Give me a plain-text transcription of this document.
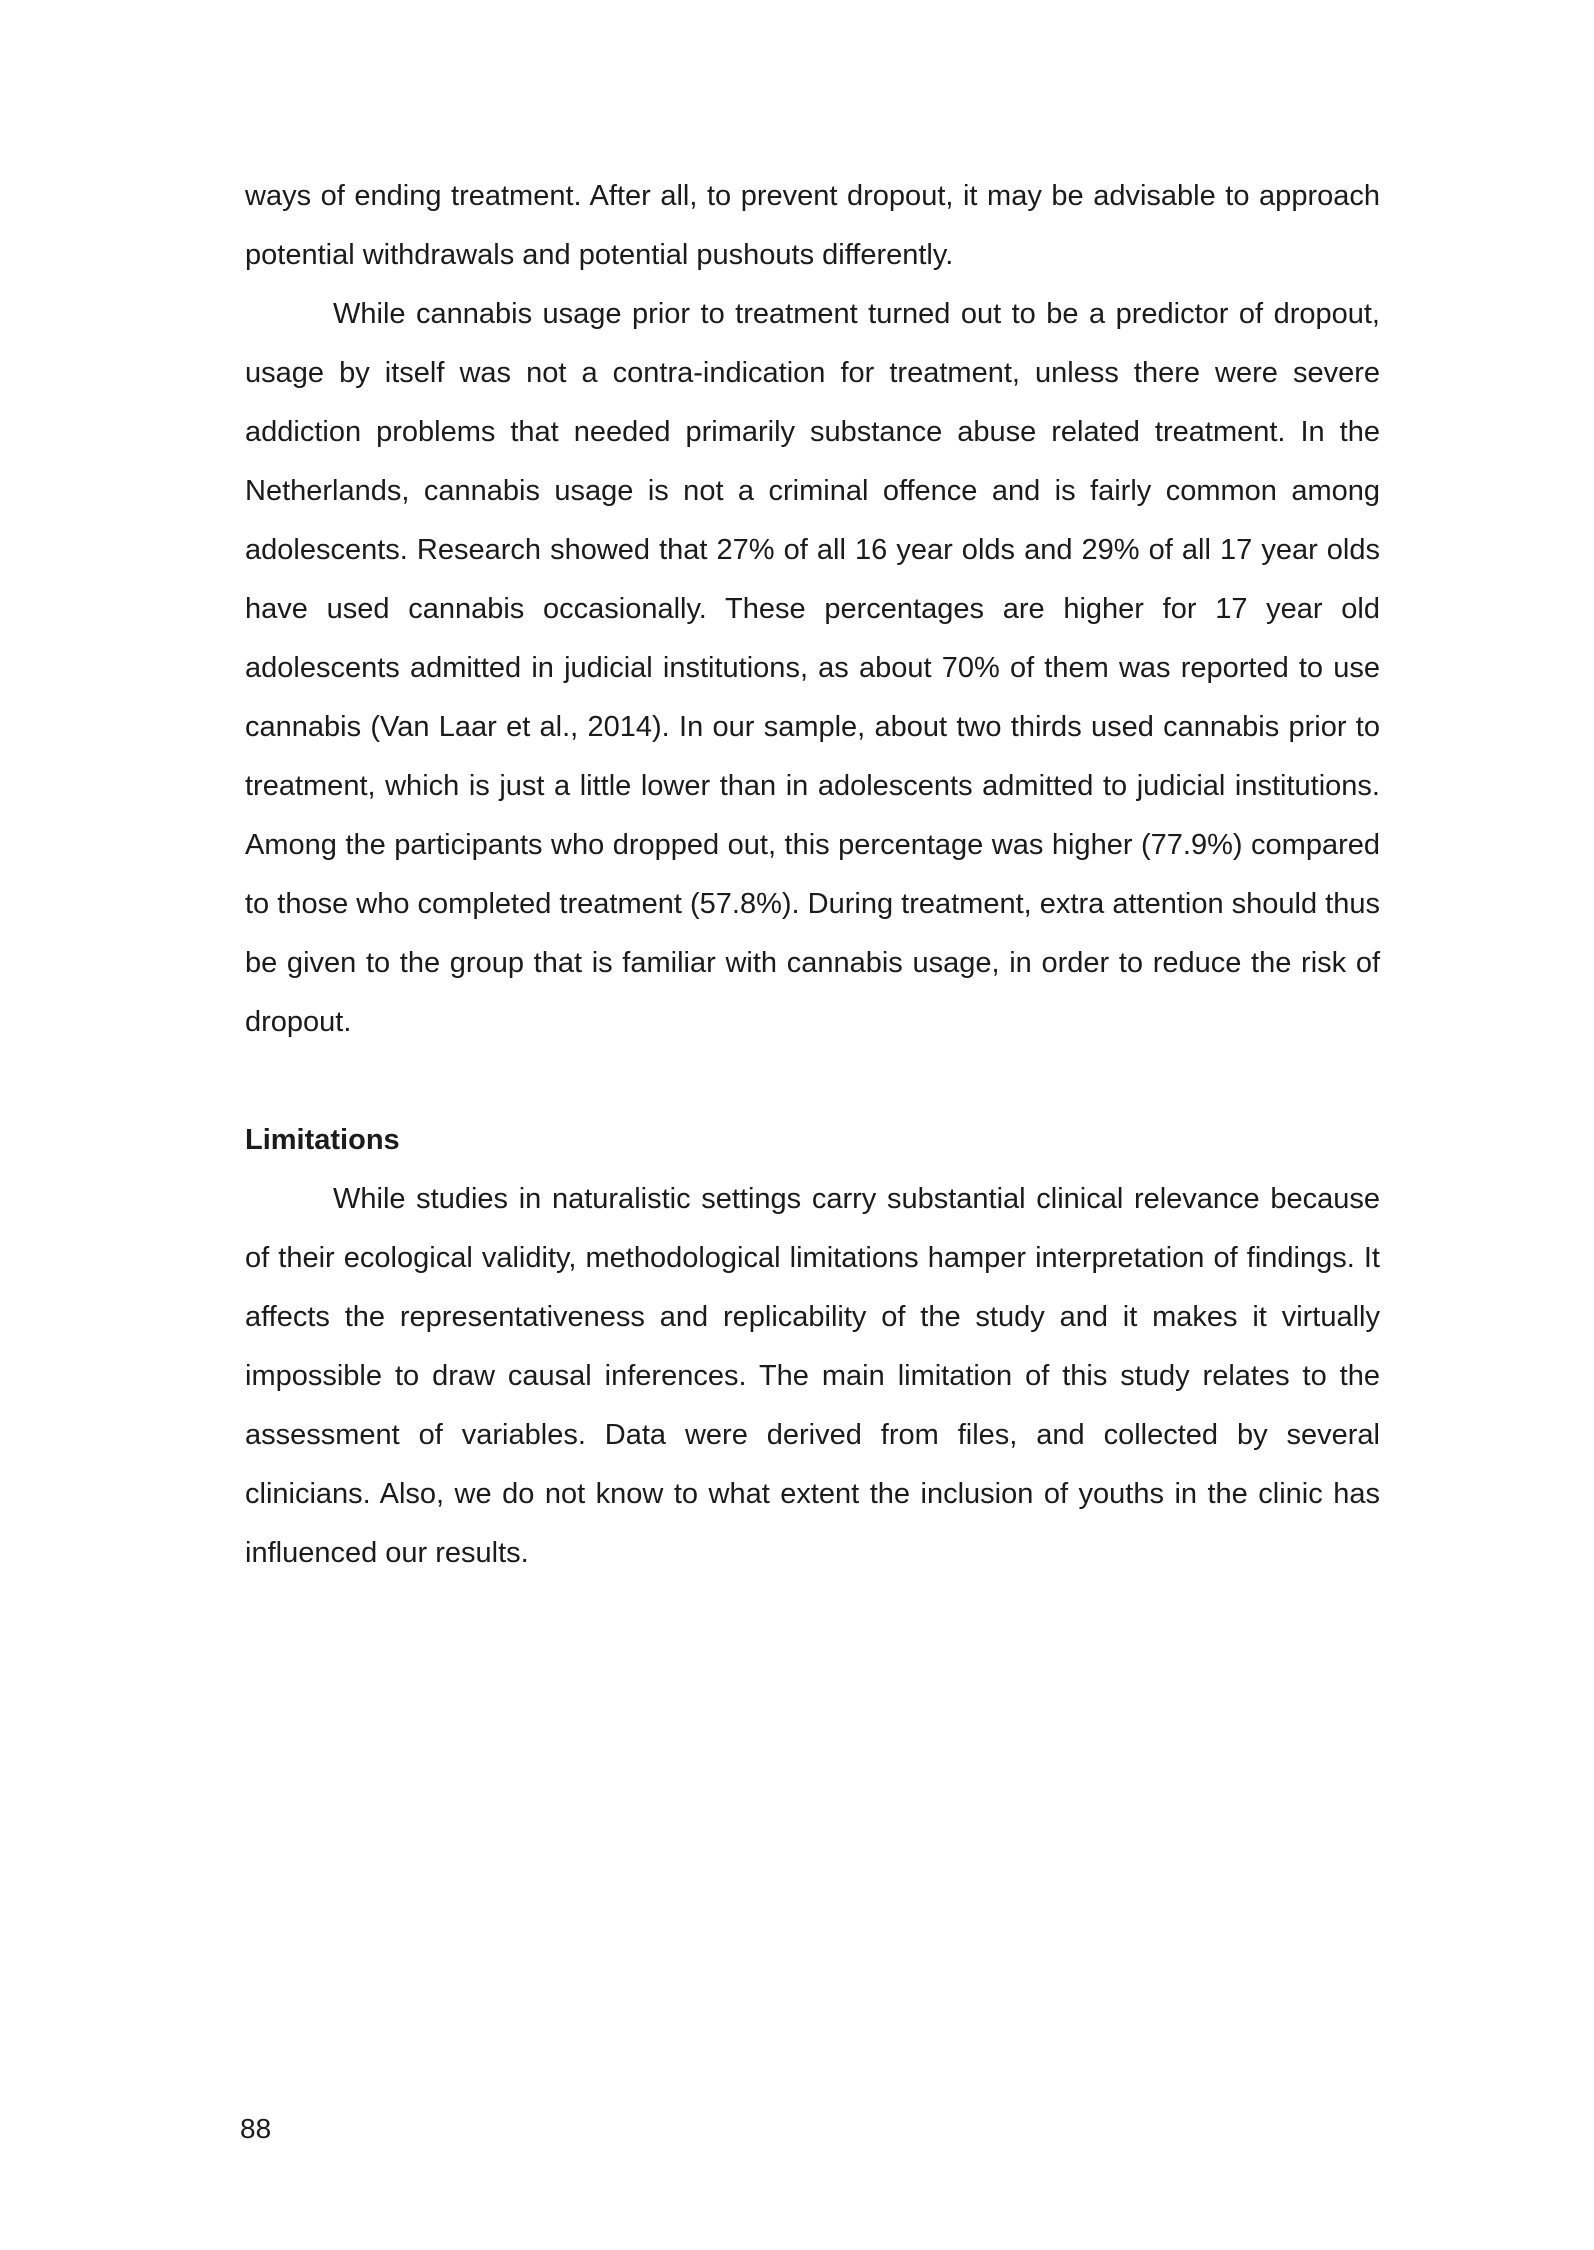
ways of ending treatment. After all, to prevent dropout, it may be advisable to approach potential withdrawals and potential pushouts differently.

While cannabis usage prior to treatment turned out to be a predictor of dropout, usage by itself was not a contra-indication for treatment, unless there were severe addiction problems that needed primarily substance abuse related treatment. In the Netherlands, cannabis usage is not a criminal offence and is fairly common among adolescents. Research showed that 27% of all 16 year olds and 29% of all 17 year olds have used cannabis occasionally. These percentages are higher for 17 year old adolescents admitted in judicial institutions, as about 70% of them was reported to use cannabis (Van Laar et al., 2014). In our sample, about two thirds used cannabis prior to treatment, which is just a little lower than in adolescents admitted to judicial institutions. Among the participants who dropped out, this percentage was higher (77.9%) compared to those who completed treatment (57.8%). During treatment, extra attention should thus be given to the group that is familiar with cannabis usage, in order to reduce the risk of dropout.

Limitations

While studies in naturalistic settings carry substantial clinical relevance because of their ecological validity, methodological limitations hamper interpretation of findings. It affects the representativeness and replicability of the study and it makes it virtually impossible to draw causal inferences. The main limitation of this study relates to the assessment of variables. Data were derived from files, and collected by several clinicians. Also, we do not know to what extent the inclusion of youths in the clinic has influenced our results.

88
